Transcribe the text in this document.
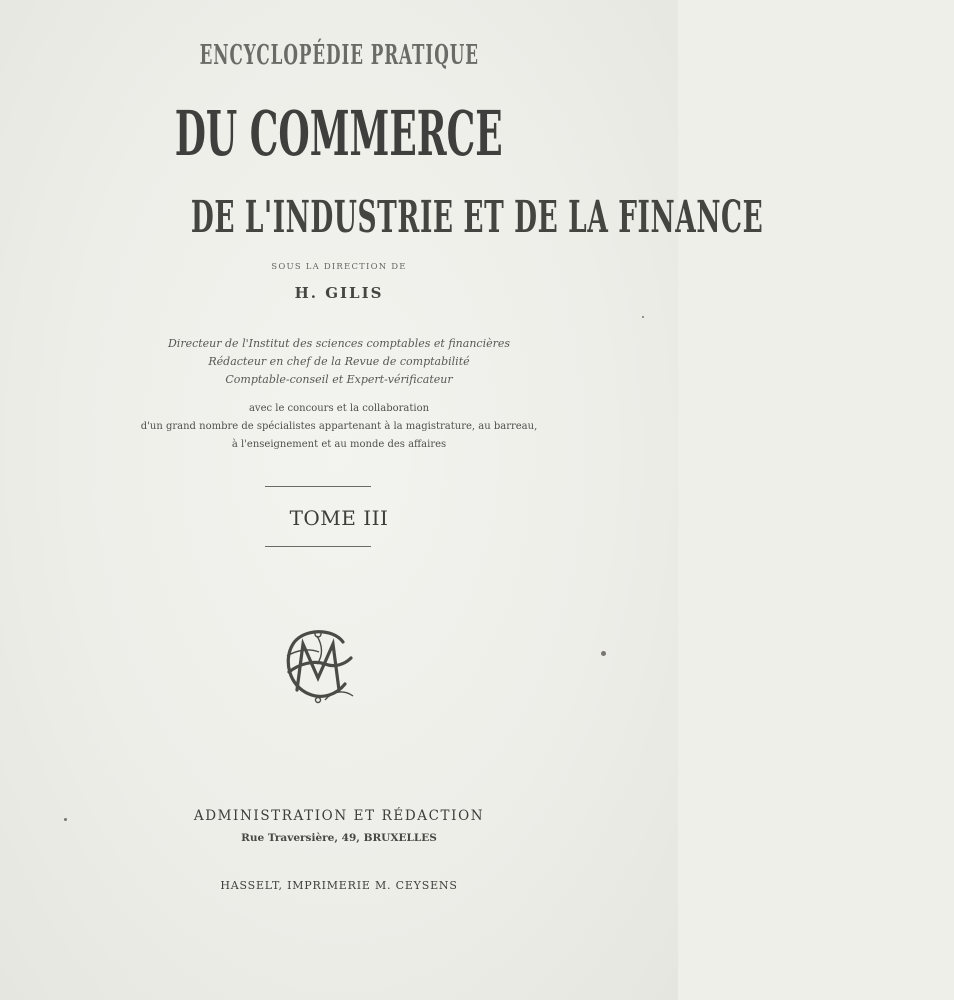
ENCYCLOPÉDIE PRATIQUE
DU COMMERCE
DE L'INDUSTRIE ET DE LA FINANCE
SOUS LA DIRECTION DE
H. GILIS
Directeur de l'Institut des sciences comptables et financières
Rédacteur en chef de la Revue de comptabilité
Comptable-conseil et Expert-vérificateur
avec le concours et la collaboration
d'un grand nombre de spécialistes appartenant à la magistrature, au barreau,
à l'enseignement et au monde des affaires
TOME III
ADMINISTRATION ET RÉDACTION
Rue Traversière, 49, BRUXELLES
HASSELT, IMPRIMERIE M. CEYSENS
